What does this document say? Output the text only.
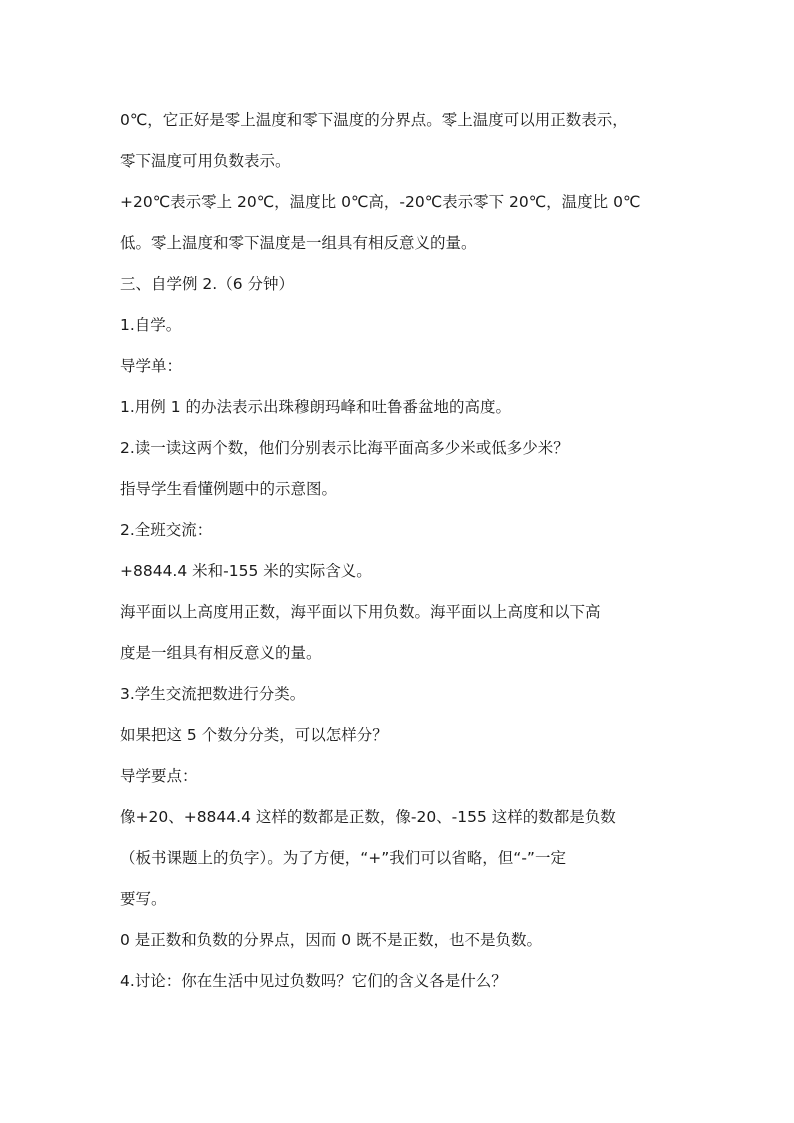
0℃，它正好是零上温度和零下温度的分界点。零上温度可以用正数表示，
零下温度可用负数表示。
+20℃表示零上 20℃，温度比 0℃高，-20℃表示零下 20℃，温度比 0℃
低。零上温度和零下温度是一组具有相反意义的量。
三、自学例 2.（6 分钟）
1.自学。
导学单：
1.用例 1 的办法表示出珠穆朗玛峰和吐鲁番盆地的高度。
2.读一读这两个数，他们分别表示比海平面高多少米或低多少米？
指导学生看懂例题中的示意图。
2.全班交流：
+8844.4 米和-155 米的实际含义。
海平面以上高度用正数，海平面以下用负数。海平面以上高度和以下高
度是一组具有相反意义的量。
3.学生交流把数进行分类。
如果把这 5 个数分分类，可以怎样分？
导学要点：
像+20、+8844.4 这样的数都是正数，像-20、-155 这样的数都是负数
（板书课题上的负字）。为了方便，“+”我们可以省略，但“-”一定
要写。
0 是正数和负数的分界点，因而 0 既不是正数，也不是负数。
4.讨论：你在生活中见过负数吗？它们的含义各是什么？
